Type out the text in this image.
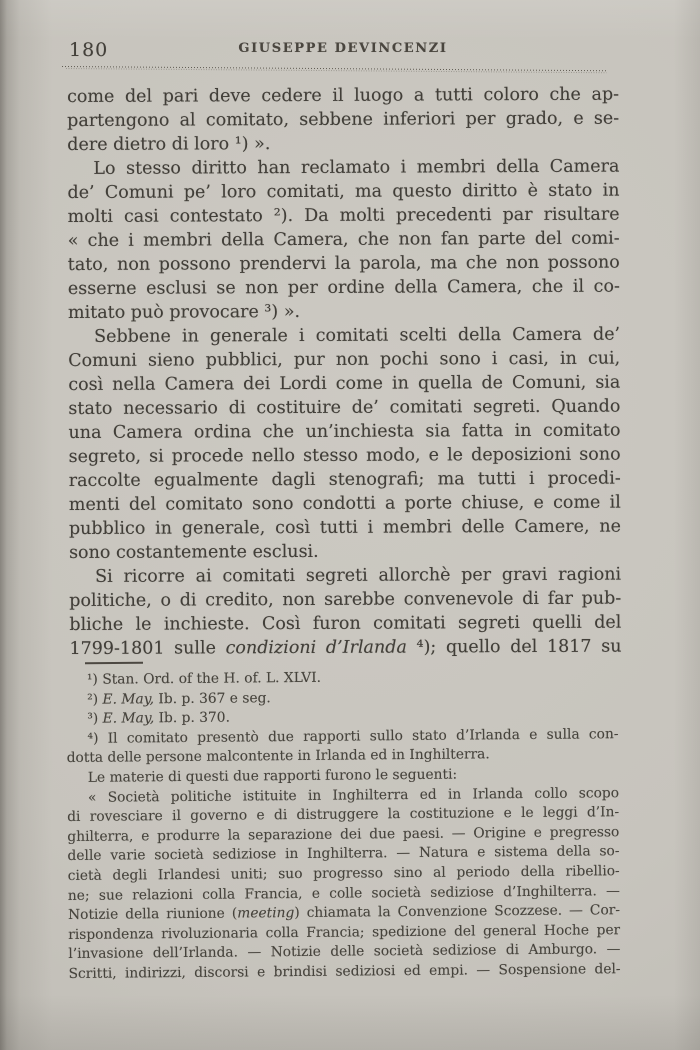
180	GIUSEPPE DEVINCENZI
come del pari deve cedere il luogo a tutti coloro che ap-
partengono al comitato, sebbene inferiori per grado, e se-
dere dietro di loro ¹) ».
Lo stesso diritto han reclamato i membri della Camera
de’ Comuni pe’ loro comitati, ma questo diritto è stato in
molti casi contestato ²). Da molti precedenti par risultare
« che i membri della Camera, che non fan parte del comi-
tato, non possono prendervi la parola, ma che non possono
esserne esclusi se non per ordine della Camera, che il co-
mitato può provocare ³) ».
Sebbene in generale i comitati scelti della Camera de’
Comuni sieno pubblici, pur non pochi sono i casi, in cui,
così nella Camera dei Lordi come in quella de Comuni, sia
stato necessario di costituire de’ comitati segreti. Quando
una Camera ordina che un’inchiesta sia fatta in comitato
segreto, si procede nello stesso modo, e le deposizioni sono
raccolte egualmente dagli stenografi; ma tutti i procedi-
menti del comitato sono condotti a porte chiuse, e come il
pubblico in generale, così tutti i membri delle Camere, ne
sono costantemente esclusi.
Si ricorre ai comitati segreti allorchè per gravi ragioni
politiche, o di credito, non sarebbe convenevole di far pub-
bliche le inchieste. Così furon comitati segreti quelli del
1799-1801 sulle condizioni d’Irlanda ⁴); quello del 1817 su
¹) Stan. Ord. of the H. of. L. XLVI.
²) E. May, Ib. p. 367 e seg.
³) E. May, Ib. p. 370.
⁴) Il comitato presentò due rapporti sullo stato d’Irlanda e sulla con-
dotta delle persone malcontente in Irlanda ed in Inghilterra.
Le materie di questi due rapporti furono le seguenti:
« Società politiche istituite in Inghilterra ed in Irlanda collo scopo
di rovesciare il governo e di distruggere la costituzione e le leggi d’In-
ghilterra, e produrre la separazione dei due paesi. — Origine e pregresso
delle varie società sediziose in Inghilterra. — Natura e sistema della so-
cietà degli Irlandesi uniti; suo progresso sino al periodo della ribellio-
ne; sue relazioni colla Francia, e colle società sediziose d’Inghilterra. —
Notizie della riunione (meeting) chiamata la Convenzione Scozzese. — Cor-
rispondenza rivoluzionaria colla Francia; spedizione del general Hoche per
l’invasione dell’Irlanda. — Notizie delle società sediziose di Amburgo. —
Scritti, indirizzi, discorsi e brindisi sediziosi ed empi. — Sospensione del-
